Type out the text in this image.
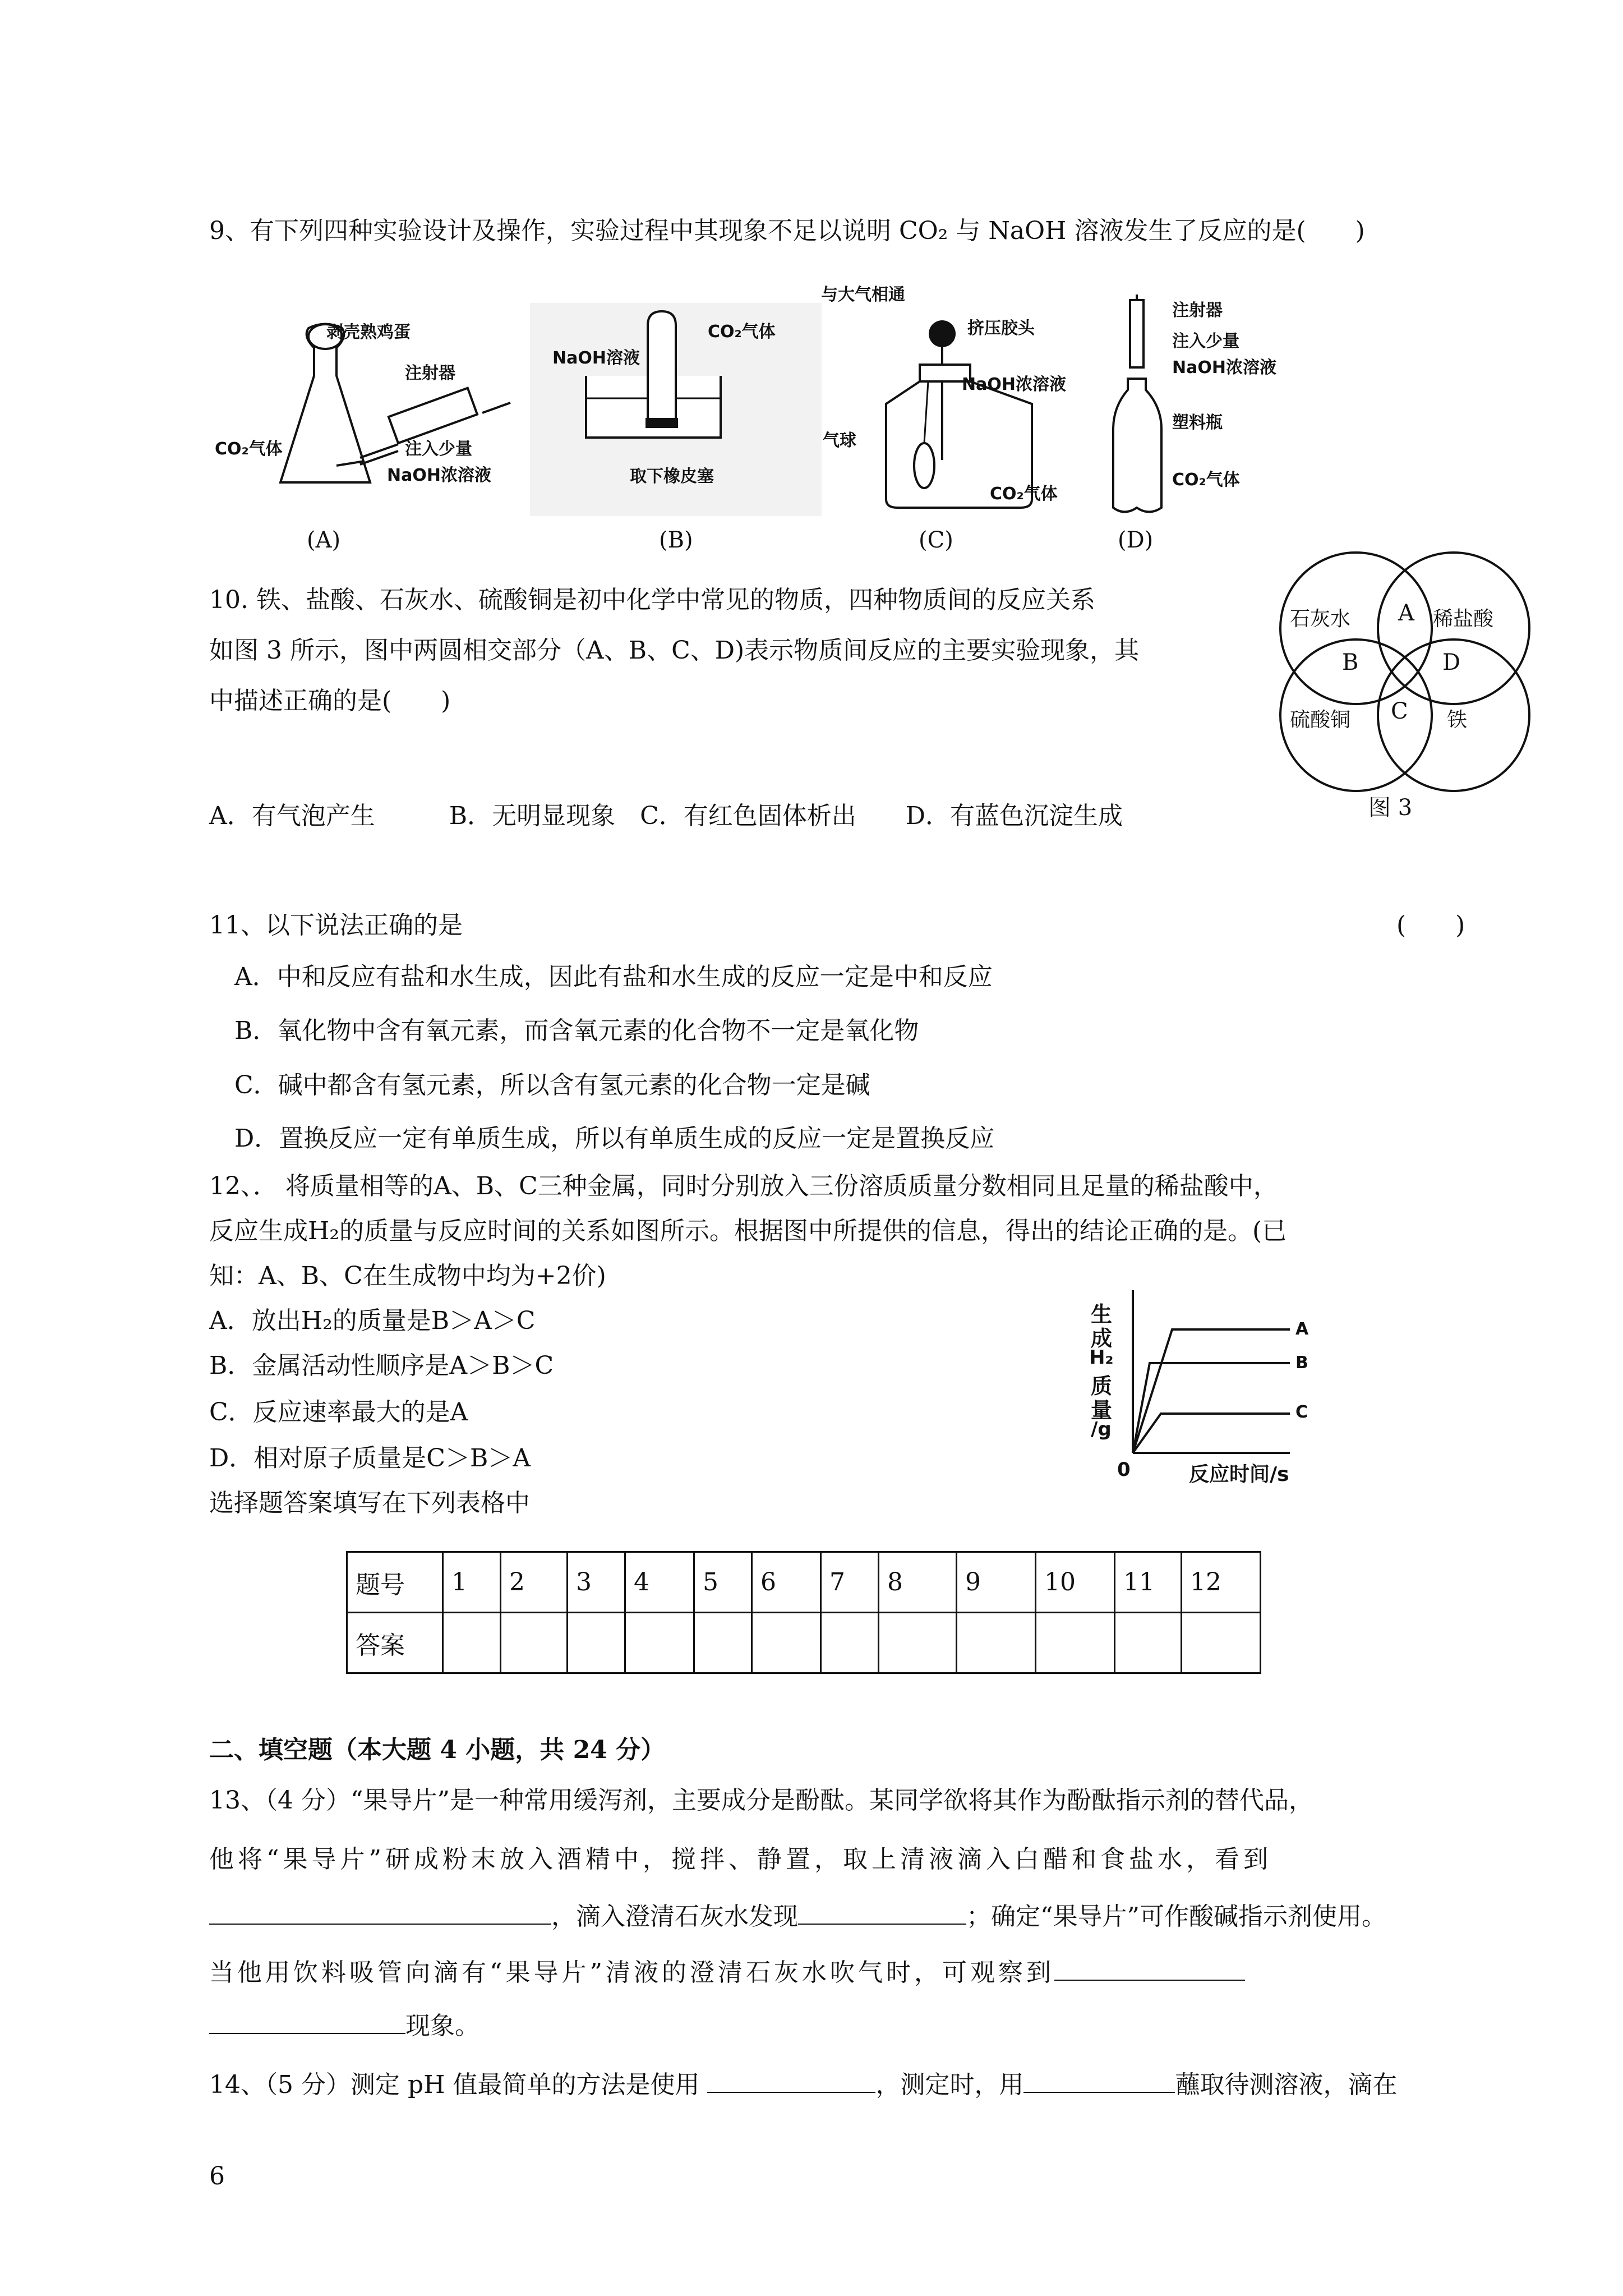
9、有下列四种实验设计及操作，实验过程中其现象不足以说明 CO₂ 与 NaOH 溶液发生了反应的是(　　)
剥壳熟鸡蛋
注射器
CO₂气体	注入少量
NaOH浓溶液
(A)
NaOH溶液
CO₂气体
取下橡皮塞
(B)
与大气相通
挤压胶头
NaOH浓溶液
气球
CO₂气体
(C)
注射器
注入少量
NaOH浓溶液
塑料瓶
CO₂气体
(D)
10. 铁、盐酸、石灰水、硫酸铜是初中化学中常见的物质，四种物质间的反应关系
如图 3 所示，图中两圆相交部分（A、B、C、D)表示物质间反应的主要实验现象，其
中描述正确的是(　　)
A．有气泡产生　　　B．无明显现象　C．有红色固体析出　　D．有蓝色沉淀生成
石灰水	稀盐酸
硫酸铜	铁
A
B	D
C
图 3
11、以下说法正确的是	(　　)
A．中和反应有盐和水生成，因此有盐和水生成的反应一定是中和反应
B．氧化物中含有氧元素，而含氧元素的化合物不一定是氧化物
C．碱中都含有氢元素，所以含有氢元素的化合物一定是碱
D．置换反应一定有单质生成，所以有单质生成的反应一定是置换反应
12、． 将质量相等的A、B、C三种金属，同时分别放入三份溶质质量分数相同且足量的稀盐酸中，
反应生成H₂的质量与反应时间的关系如图所示。根据图中所提供的信息，得出的结论正确的是。(已
知：A、B、C在生成物中均为+2价)
A．放出H₂的质量是B＞A＞C
B．金属活动性顺序是A＞B＞C
C．反应速率最大的是A
D．相对原子质量是C＞B＞A
生
成
H₂
质
量
/g
0	反应时间/s
A
B
C
选择题答案填写在下列表格中
题号	1	2	3	4	5	6	7	8	9	10	11	12
答案												
二、填空题（本大题 4 小题，共 24 分）
13、（4 分）“果导片”是一种常用缓泻剂，主要成分是酚酞。某同学欲将其作为酚酞指示剂的替代品，
他将“果导片”研成粉末放入酒精中，搅拌、静置，取上清液滴入白醋和食盐水，看到
，滴入澄清石灰水发现	；确定“果导片”可作酸碱指示剂使用。
当他用饮料吸管向滴有“果导片”清液的澄清石灰水吹气时，可观察到
现象。
14、（5 分）测定 pH 值最简单的方法是使用	，测定时，用	蘸取待测溶液，滴在
6
